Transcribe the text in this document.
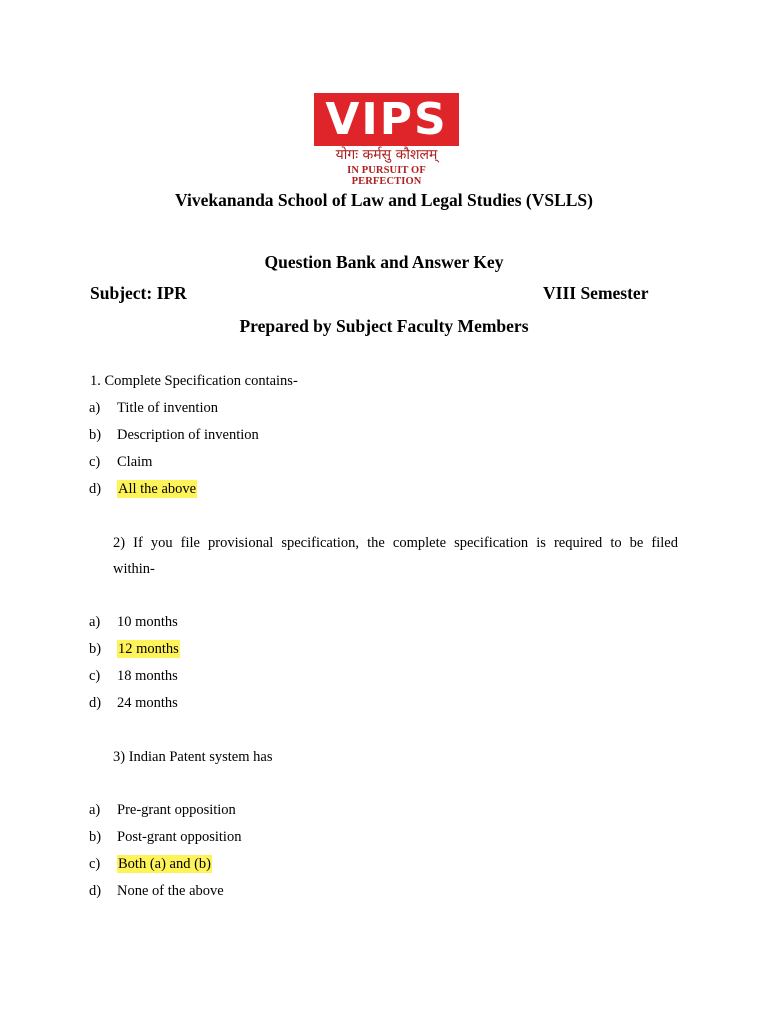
VIPS
योगः कर्मसु कौशलम्
IN PURSUIT OF PERFECTION
Vivekananda School of Law and Legal Studies (VSLLS)
Question Bank and Answer Key
Subject: IPR	VIII Semester
Prepared by Subject Faculty Members
1. Complete Specification contains-
a) Title of invention
b) Description of invention
c) Claim
d) All the above
2) If you file provisional specification, the complete specification is required to be filed
within-
a) 10 months
b) 12 months
c) 18 months
d) 24 months
3) Indian Patent system has
a) Pre-grant opposition
b) Post-grant opposition
c) Both (a) and (b)
d) None of the above
